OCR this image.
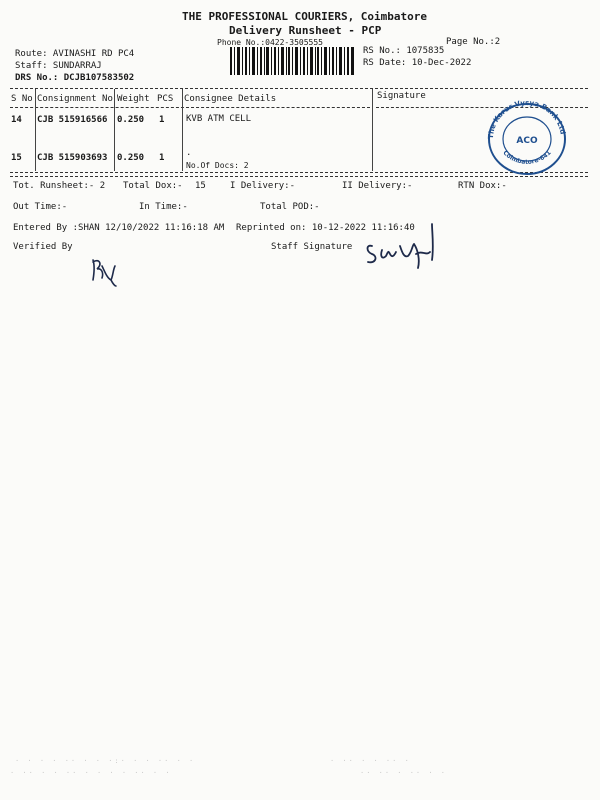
THE PROFESSIONAL COURIERS, Coimbatore
Delivery Runsheet - PCP
Phone No.:0422-3505555	Page No.:2
Route: AVINASHI RD PC4
Staff: SUNDARRAJ
DRS No.: DCJB107583502
RS No.: 1075835
RS Date: 10-Dec-2022
S No Consignment No Weight PCS Consignee Details	Signature
14 CJB 515916566 0.250 1 KVB ATM CELL
15 CJB 515903693 0.250 1 .
No.Of Docs: 2
The Karur Vysya Bank Ltd
Coimbatore-641
ACO
Tot. Runsheet:- 2 Total Dox:- 15	I Delivery:-	II Delivery:-	RTN Dox:-
Out Time:-	In Time:-	Total POD:-
Entered By :SHAN 12/10/2022 11:16:18 AM Reprinted on: 10-12-2022 11:16:40
Verified By	Staff Signature
· · · · ·· · · ·:· · · ·· · ·
· ·· · · ·· · · · · ·· · ·
· ·· · · ·· ·
·· ·· · ·· · ·
